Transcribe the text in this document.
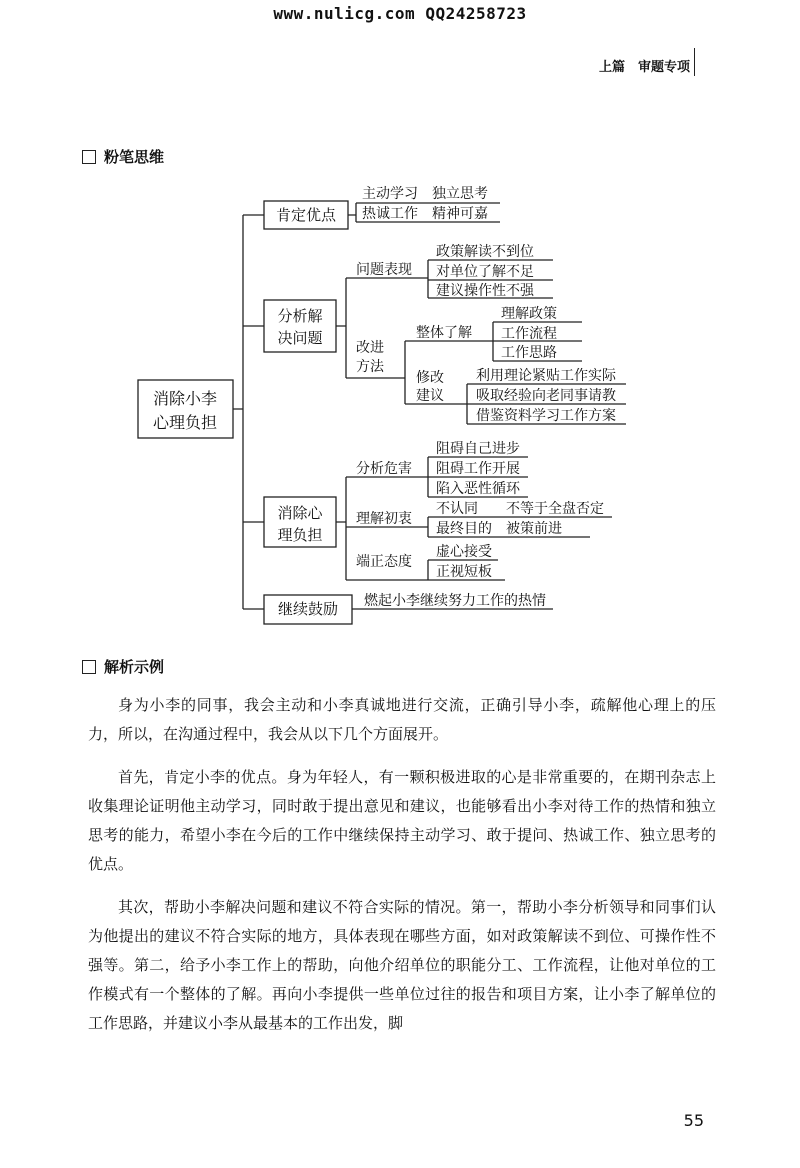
www.nulicg.com QQ24258723
上篇　审题专项
粉笔思维
消除小李
心理负担
肯定优点
主动学习　独立思考
热诚工作　精神可嘉
分析解
决问题
问题表现
政策解读不到位
对单位了解不足
建议操作性不强
改进
方法
整体了解
理解政策
工作流程
工作思路
修改
建议
利用理论紧贴工作实际
吸取经验向老同事请教
借鉴资料学习工作方案
消除心
理负担
分析危害
阻碍自己进步
阻碍工作开展
陷入恶性循环
理解初衷
不认同　　不等于全盘否定
最终目的　被策前进
端正态度
虚心接受
正视短板
继续鼓励 燃起小李继续努力工作的热情
解析示例
身为小李的同事，我会主动和小李真诚地进行交流，正确引导小李，疏解他心理上的压力，所以，在沟通过程中，我会从以下几个方面展开。
首先，肯定小李的优点。身为年轻人，有一颗积极进取的心是非常重要的，在期刊杂志上收集理论证明他主动学习，同时敢于提出意见和建议，也能够看出小李对待工作的热情和独立思考的能力，希望小李在今后的工作中继续保持主动学习、敢于提问、热诚工作、独立思考的优点。
其次，帮助小李解决问题和建议不符合实际的情况。第一，帮助小李分析领导和同事们认为他提出的建议不符合实际的地方，具体表现在哪些方面，如对政策解读不到位、可操作性不强等。第二，给予小李工作上的帮助，向他介绍单位的职能分工、工作流程，让他对单位的工作模式有一个整体的了解。再向小李提供一些单位过往的报告和项目方案，让小李了解单位的工作思路，并建议小李从最基本的工作出发，脚
55
